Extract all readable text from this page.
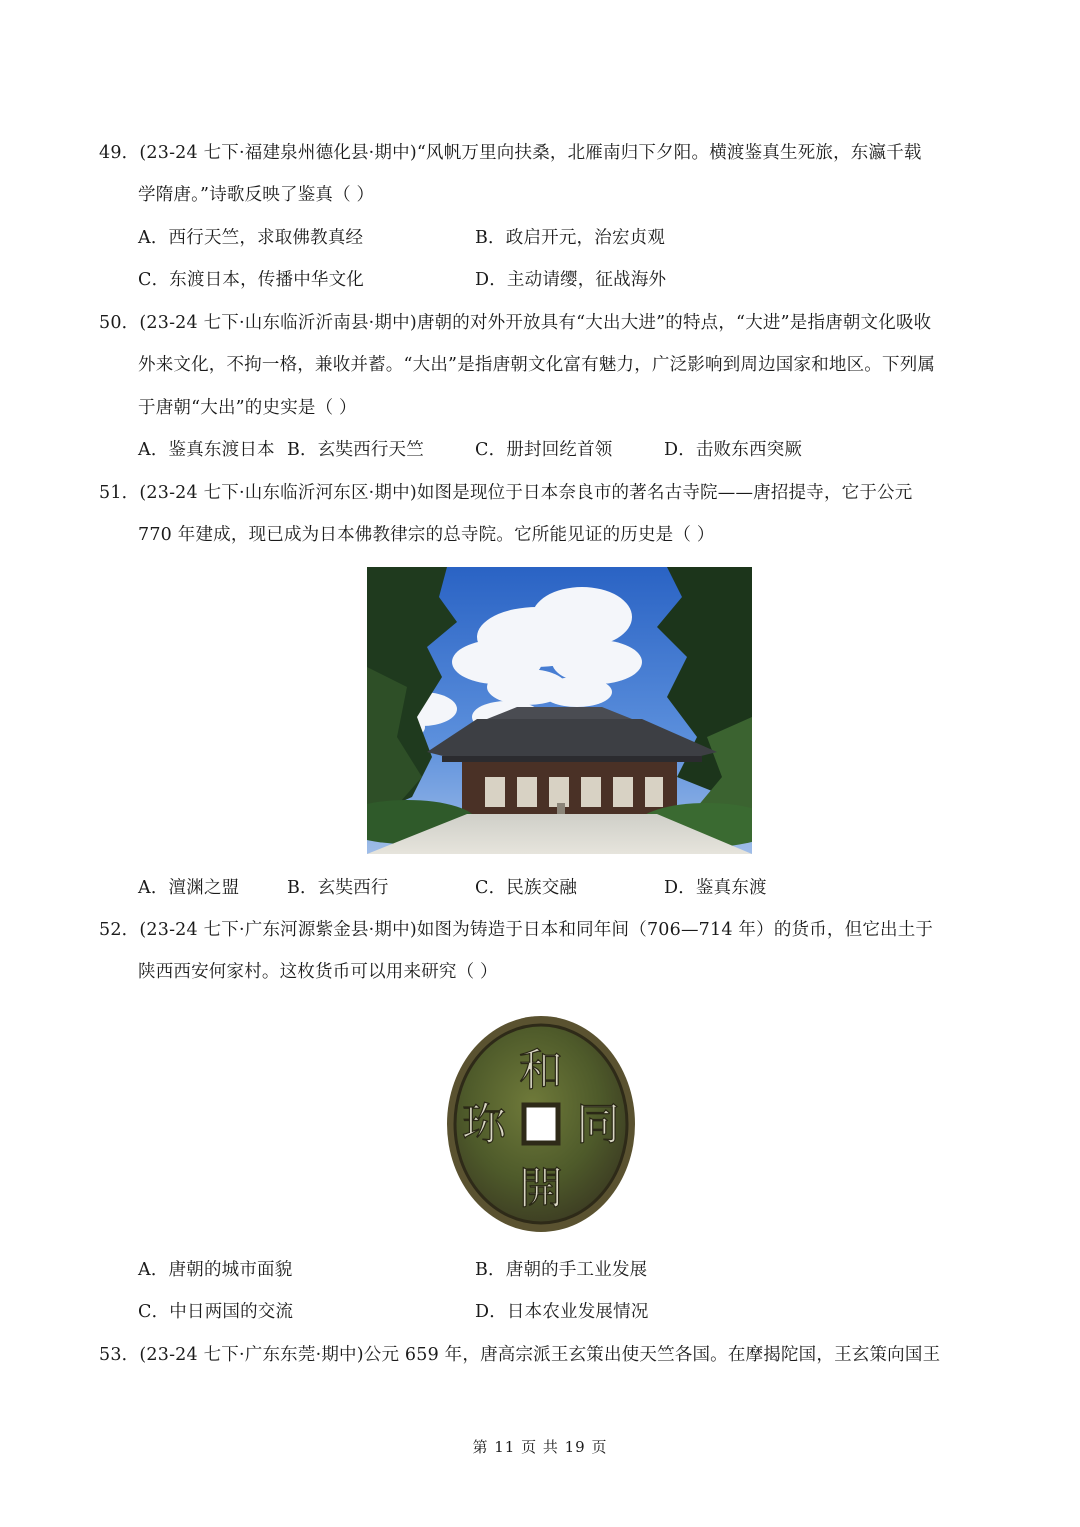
49．(23-24 七下·福建泉州德化县·期中)“风帆万里向扶桑，北雁南归下夕阳。横渡鉴真生死旅，东瀛千载
学隋唐。”诗歌反映了鉴真（ ）
A．西行天竺，求取佛教真经	B．政启开元，治宏贞观
C．东渡日本，传播中华文化	D．主动请缨，征战海外
50．(23-24 七下·山东临沂沂南县·期中)唐朝的对外开放具有“大出大进”的特点，“大进”是指唐朝文化吸收
外来文化，不拘一格，兼收并蓄。“大出”是指唐朝文化富有魅力，广泛影响到周边国家和地区。下列属
于唐朝“大出”的史实是（ ）
A．鉴真东渡日本 B．玄奘西行天竺	C．册封回纥首领	D．击败东西突厥
51．(23-24 七下·山东临沂河东区·期中)如图是现位于日本奈良市的著名古寺院——唐招提寺，它于公元
770 年建成，现已成为日本佛教律宗的总寺院。它所能见证的历史是（ ）
A．澶渊之盟	B．玄奘西行	C．民族交融	D．鉴真东渡
52．(23-24 七下·广东河源紫金县·期中)如图为铸造于日本和同年间（706—714 年）的货币，但它出土于
陕西西安何家村。这枚货币可以用来研究（ ）
和
同
開
珎
A．唐朝的城市面貌	B．唐朝的手工业发展
C．中日两国的交流	D．日本农业发展情况
53．(23-24 七下·广东东莞·期中)公元 659 年，唐高宗派王玄策出使天竺各国。在摩揭陀国，王玄策向国王
第 11 页 共 19 页
